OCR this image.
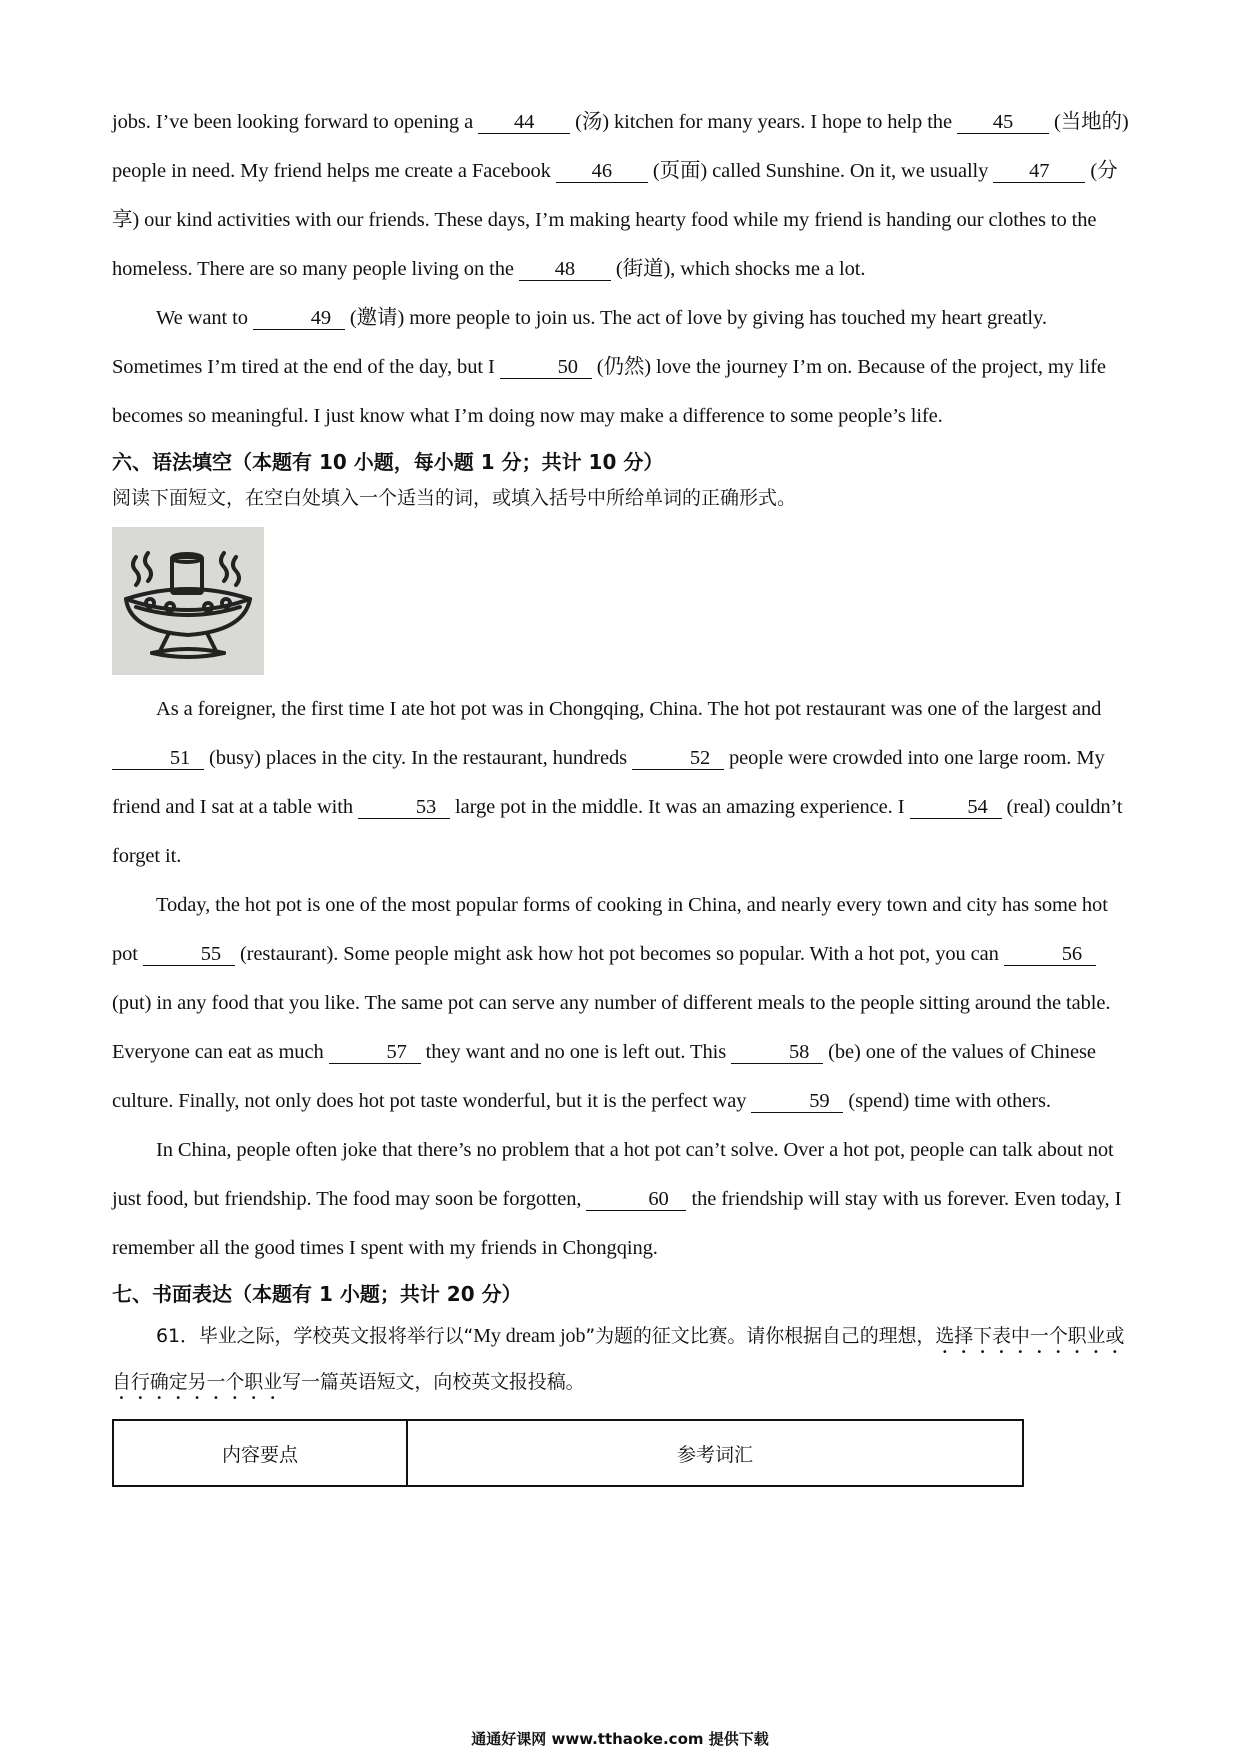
jobs. I’ve been looking forward to opening a 44 (汤) kitchen for many years. I hope to help the 45 (当地的) people in need. My friend helps me create a Facebook 46 (页面) called Sunshine. On it, we usually 47 (分享) our kind activities with our friends. These days, I’m making hearty food while my friend is handing our clothes to the homeless. There are so many people living on the 48 (街道), which shocks me a lot.

We want to	49 (邀请) more people to join us. The act of love by giving has touched my heart greatly. Sometimes I’m tired at the end of the day, but I	50 (仍然) love the journey I’m on. Because of the project, my life becomes so meaningful. I just know what I’m doing now may make a difference to some people’s life.

六、语法填空（本题有 10 小题，每小题 1 分；共计 10 分）
阅读下面短文，在空白处填入一个适当的词，或填入括号中所给单词的正确形式。

As a foreigner, the first time I ate hot pot was in Chongqing, China. The hot pot restaurant was one of the largest and 51 (busy) places in the city. In the restaurant, hundreds	52 people were crowded into one large room. My friend and I sat at a table with	53 large pot in the middle. It was an amazing experience. I	54 (real) couldn’t forget it.

Today, the hot pot is one of the most popular forms of cooking in China, and nearly every town and city has some hot pot	55 (restaurant). Some people might ask how hot pot becomes so popular. With a hot pot, you can	56 (put) in any food that you like. The same pot can serve any number of different meals to the people sitting around the table. Everyone can eat as much	57 they want and no one is left out. This	58 (be) one of the values of Chinese culture. Finally, not only does hot pot taste wonderful, but it is the perfect way	59 (spend) time with others.

In China, people often joke that there’s no problem that a hot pot can’t solve. Over a hot pot, people can talk about not just food, but friendship. The food may soon be forgotten,	60 the friendship will stay with us forever. Even today, I remember all the good times I spent with my friends in Chongqing.

七、书面表达（本题有 1 小题；共计 20 分）

61．毕业之际，学校英文报将举行以“My dream job”为题的征文比赛。请你根据自己的理想，选择下表中一个职业或自行确定另一个职业写一篇英语短文，向校英文报投稿。

内容要点	参考词汇
通通好课网 www.tthaoke.com 提供下载
